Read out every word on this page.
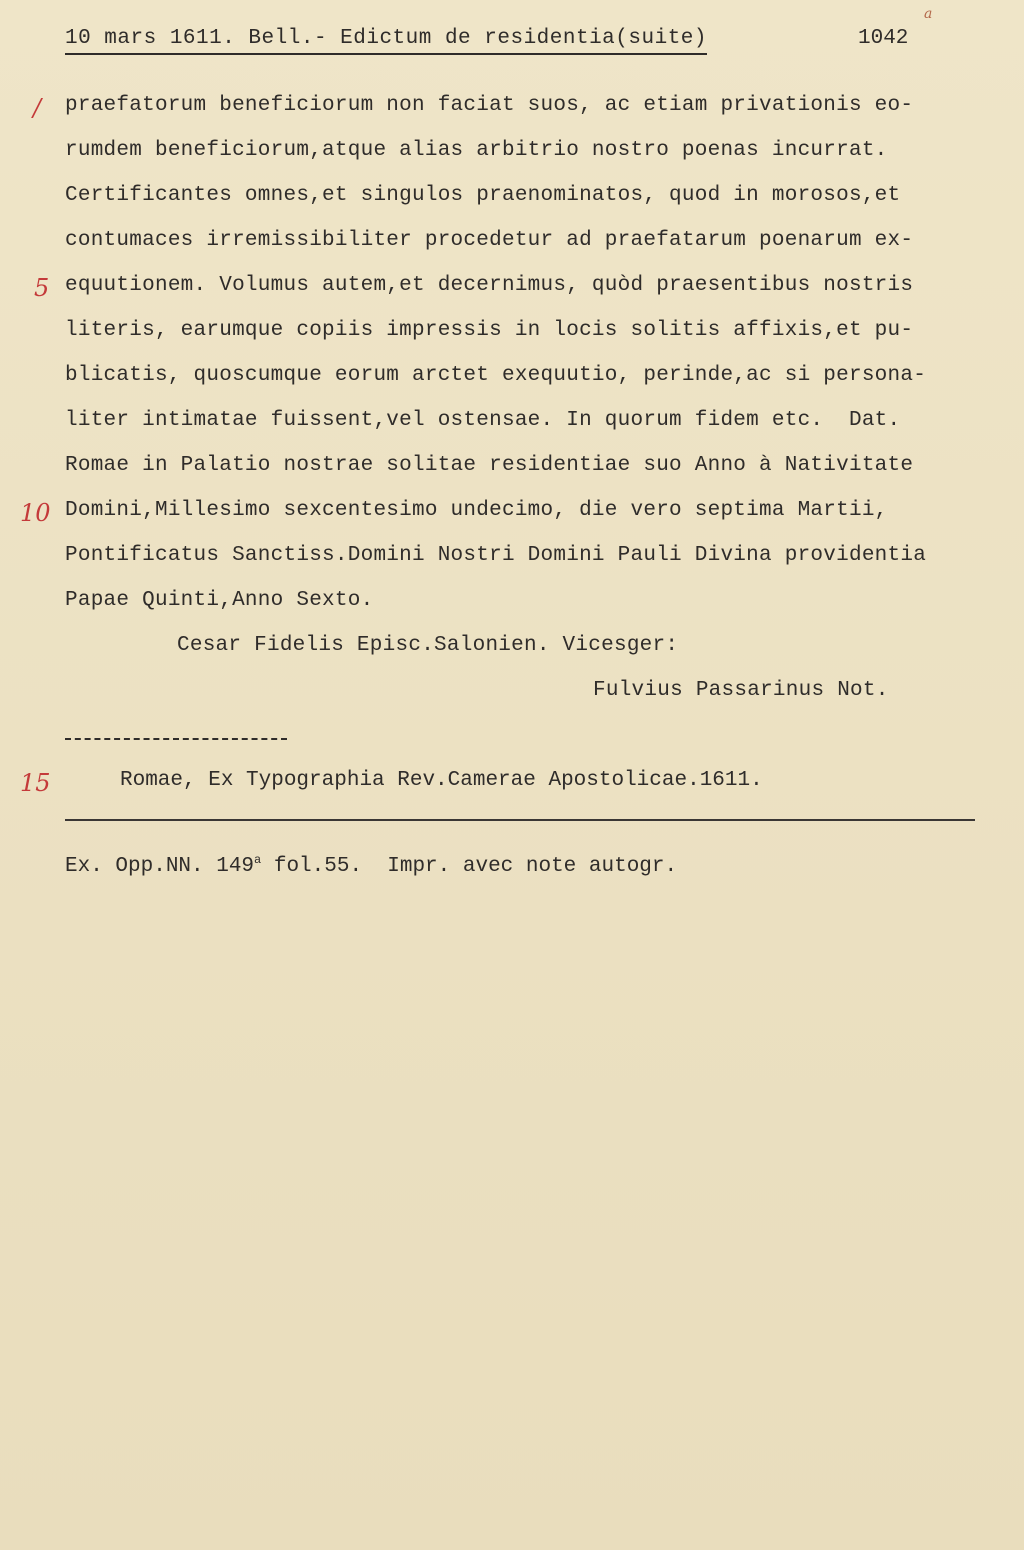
10 mars 1611. Bell.- Edictum de residentia(suite)	1042
a
/
5
10
15
praefatorum beneficiorum non faciat suos, ac etiam privationis eo-
rumdem beneficiorum,atque alias arbitrio nostro poenas incurrat.
Certificantes omnes,et singulos praenominatos, quod in morosos,et
contumaces irremissibiliter procedetur ad praefatarum poenarum ex-
equutionem. Volumus autem,et decernimus, quòd praesentibus nostris
literis, earumque copiis impressis in locis solitis affixis,et pu-
blicatis, quoscumque eorum arctet exequutio, perinde,ac si persona-
liter intimatae fuissent,vel ostensae. In quorum fidem etc.  Dat.
Romae in Palatio nostrae solitae residentiae suo Anno à Nativitate
Domini,Millesimo sexcentesimo undecimo, die vero septima Martii,
Pontificatus Sanctiss.Domini Nostri Domini Pauli Divina providentia
Papae Quinti,Anno Sexto.
Cesar Fidelis Episc.Salonien. Vicesger:
Fulvius Passarinus Not.
Romae, Ex Typographia Rev.Camerae Apostolicae.1611.
Ex. Opp.NN. 149$^a$ fol.55.  Impr. avec note autogr.
